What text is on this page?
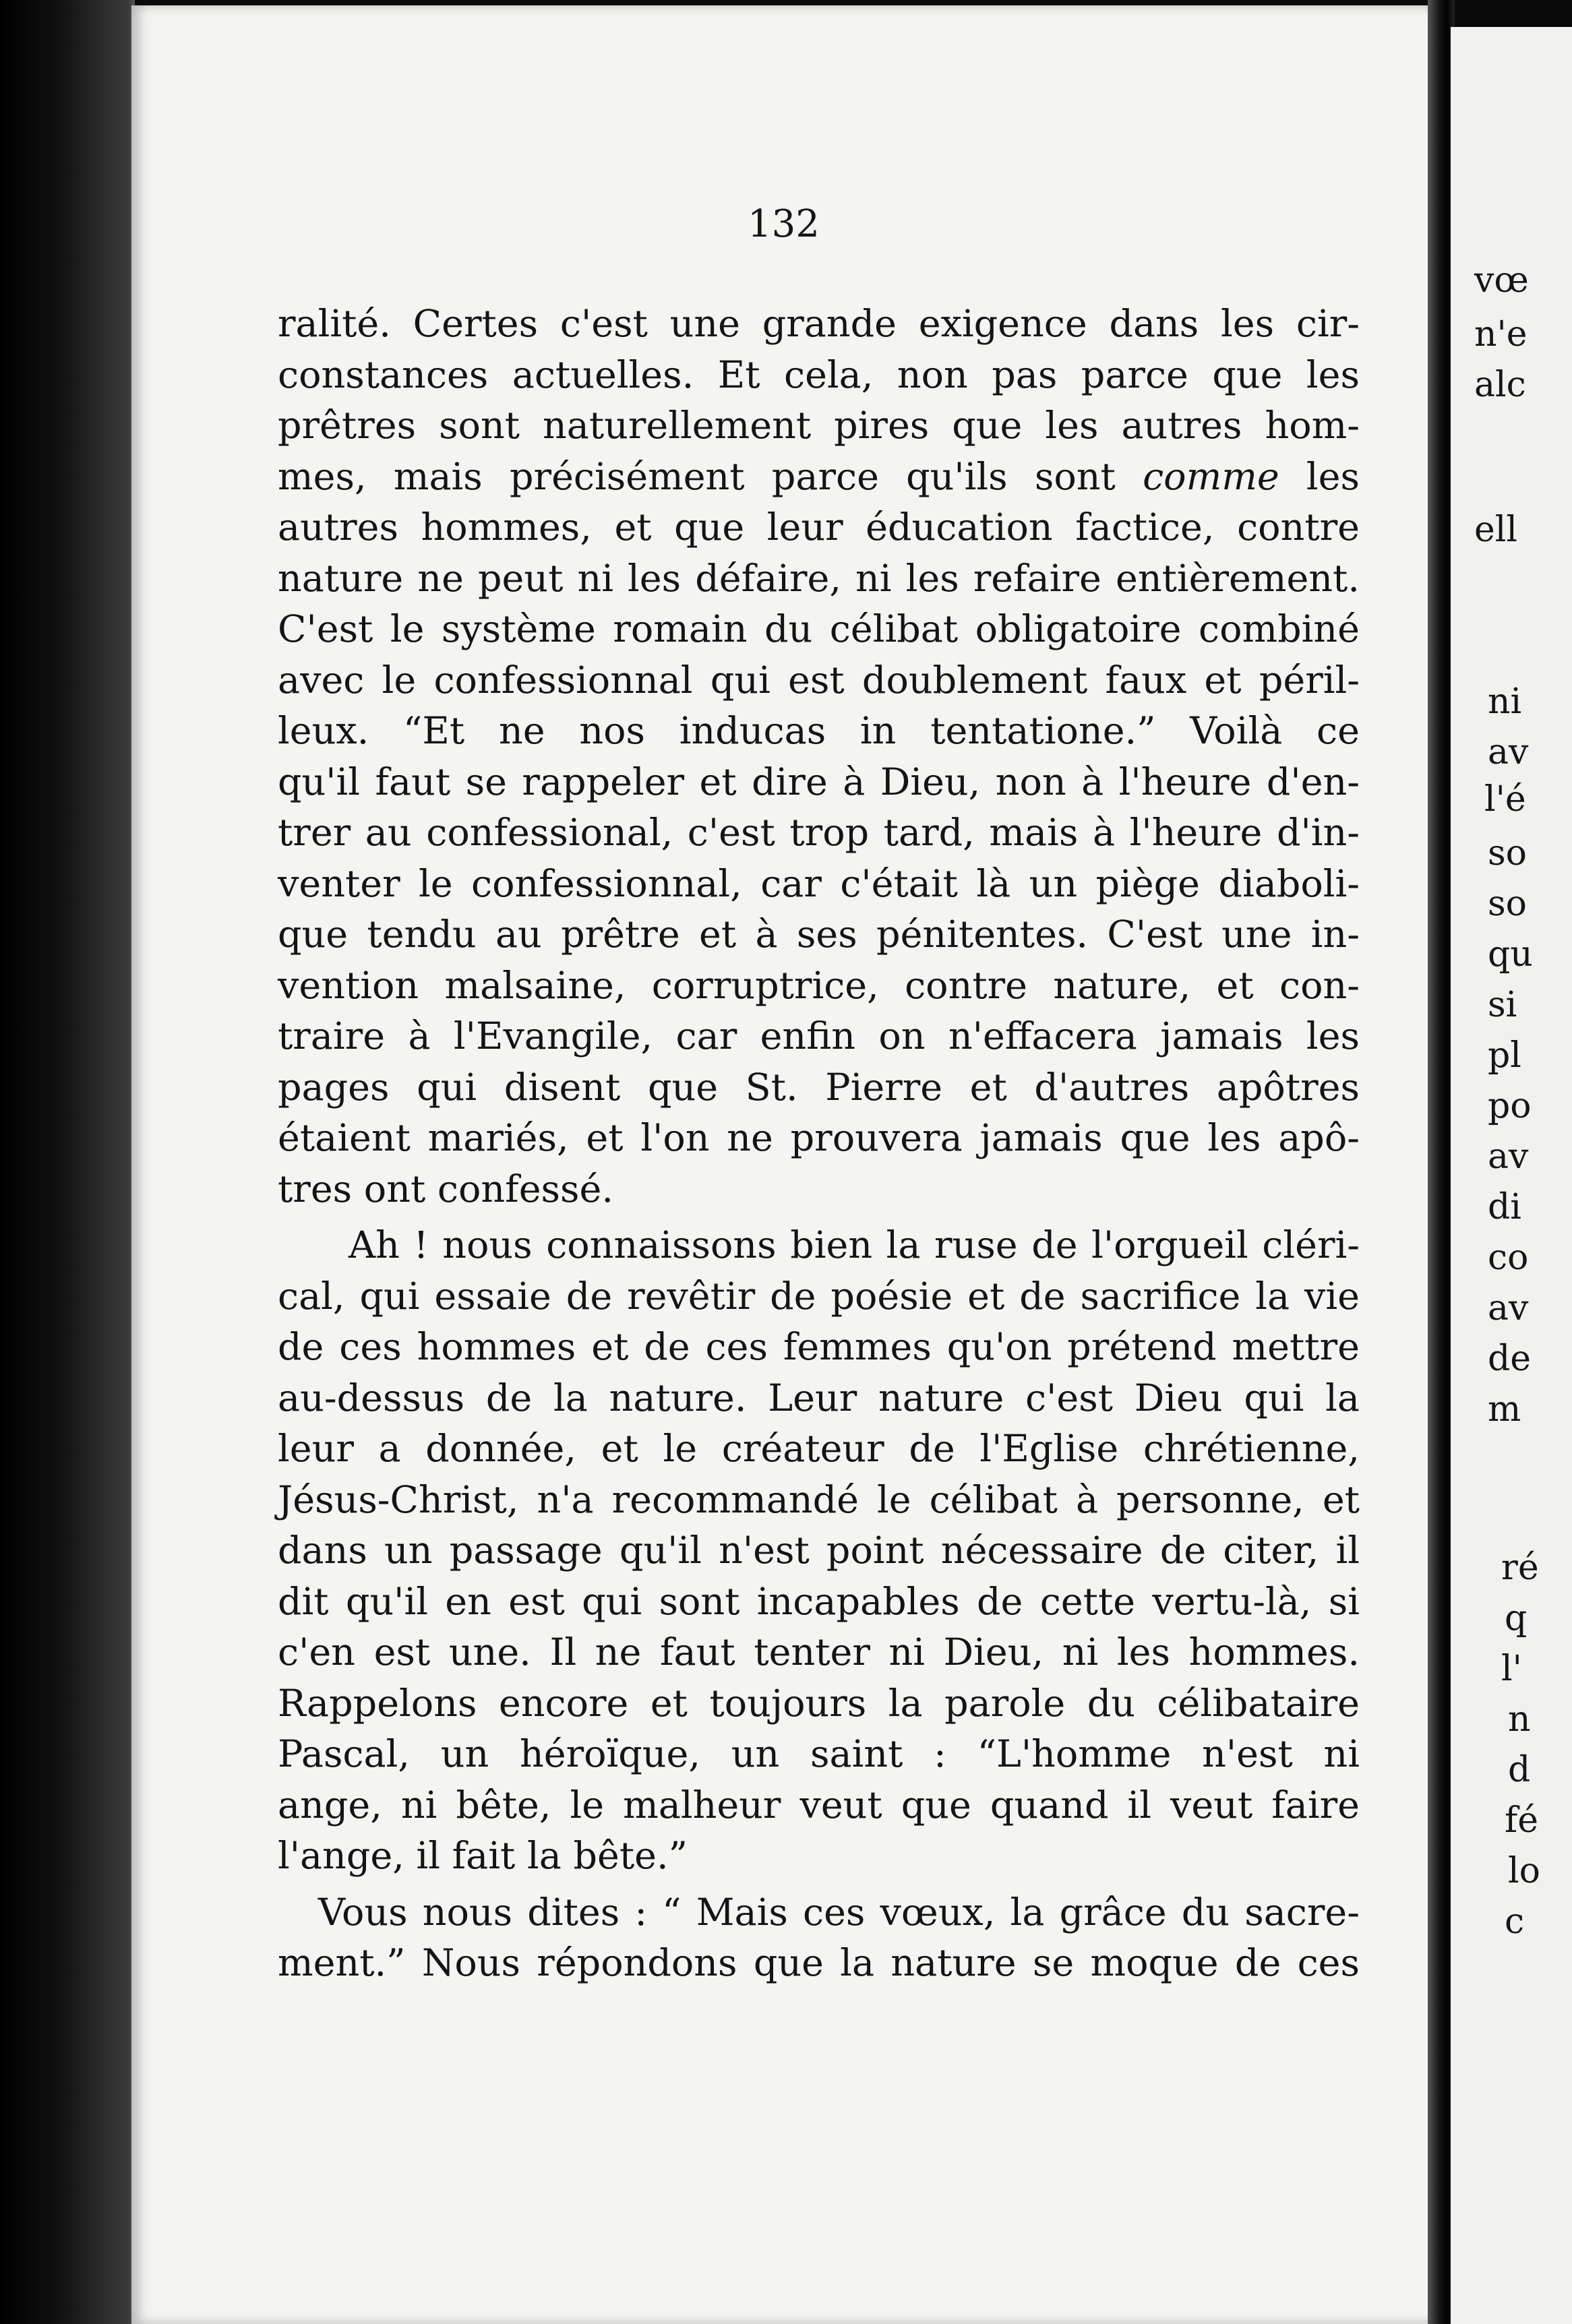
132

ralité. Certes c'est une grande exigence dans les cir-
constances actuelles. Et cela, non pas parce que les
prêtres sont naturellement pires que les autres hom-
mes, mais précisément parce qu'ils sont comme les
autres hommes, et que leur éducation factice, contre
nature ne peut ni les défaire, ni les refaire entièrement.
C'est le système romain du célibat obligatoire combiné
avec le confessionnal qui est doublement faux et péril-
leux. “Et ne nos inducas in tentatione.” Voilà ce
qu'il faut se rappeler et dire à Dieu, non à l'heure d'en-
trer au confessional, c'est trop tard, mais à l'heure d'in-
venter le confessionnal, car c'était là un piège diaboli-
que tendu au prêtre et à ses pénitentes. C'est une in-
vention malsaine, corruptrice, contre nature, et con-
traire à l'Evangile, car enfin on n'effacera jamais les
pages qui disent que St. Pierre et d'autres apôtres
étaient mariés, et l'on ne prouvera jamais que les apô-
tres ont confessé.

Ah ! nous connaissons bien la ruse de l'orgueil cléri-
cal, qui essaie de revêtir de poésie et de sacrifice la vie
de ces hommes et de ces femmes qu'on prétend mettre
au-dessus de la nature. Leur nature c'est Dieu qui la
leur a donnée, et le créateur de l'Eglise chrétienne,
Jésus-Christ, n'a recommandé le célibat à personne, et
dans un passage qu'il n'est point nécessaire de citer, il
dit qu'il en est qui sont incapables de cette vertu-là, si
c'en est une. Il ne faut tenter ni Dieu, ni les hommes.
Rappelons encore et toujours la parole du célibataire
Pascal, un héroïque, un saint : “L'homme n'est ni
ange, ni bête, le malheur veut que quand il veut faire
l'ange, il fait la bête.”

Vous nous dites : “ Mais ces vœux, la grâce du sacre-
ment.” Nous répondons que la nature se moque de ces

vœ
n'e
alc
ell
ni
av
l'é
so
so
qu
si
pl
po
av
di
co
av
de
m
ré
q
l'
n
d
fé
lo
c
